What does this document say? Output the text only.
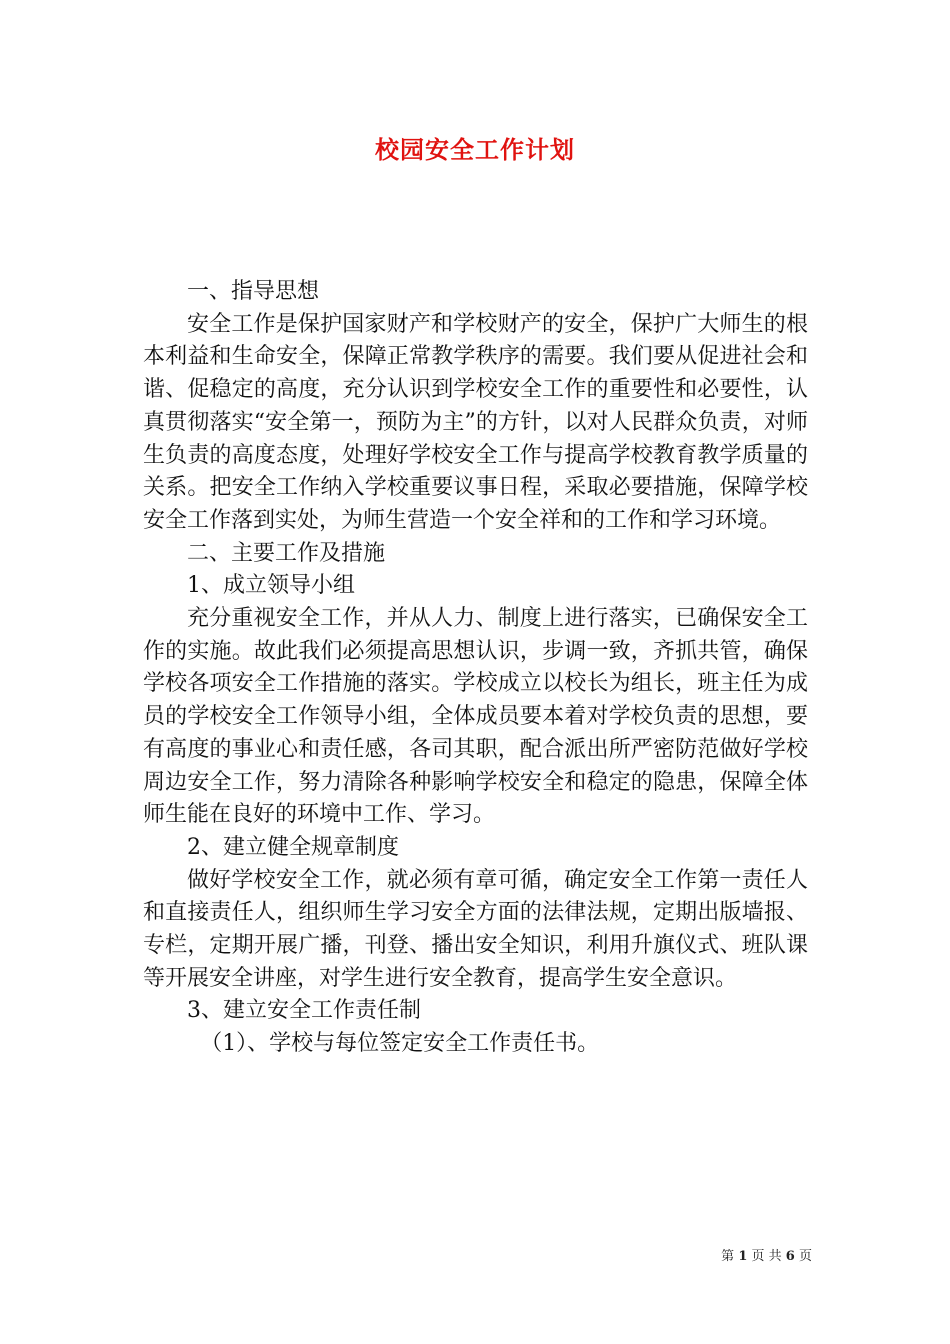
校园安全工作计划

一、指导思想

安全工作是保护国家财产和学校财产的安全，保护广大师生的根本利益和生命安全，保障正常教学秩序的需要。我们要从促进社会和谐、促稳定的高度，充分认识到学校安全工作的重要性和必要性，认真贯彻落实“安全第一，预防为主”的方针，以对人民群众负责，对师生负责的高度态度，处理好学校安全工作与提高学校教育教学质量的关系。把安全工作纳入学校重要议事日程，采取必要措施，保障学校安全工作落到实处，为师生营造一个安全祥和的工作和学习环境。

二、主要工作及措施

1、成立领导小组

充分重视安全工作，并从人力、制度上进行落实，已确保安全工作的实施。故此我们必须提高思想认识，步调一致，齐抓共管，确保学校各项安全工作措施的落实。学校成立以校长为组长，班主任为成员的学校安全工作领导小组，全体成员要本着对学校负责的思想，要有高度的事业心和责任感，各司其职，配合派出所严密防范做好学校周边安全工作，努力清除各种影响学校安全和稳定的隐患，保障全体师生能在良好的环境中工作、学习。

2、建立健全规章制度

做好学校安全工作，就必须有章可循，确定安全工作第一责任人和直接责任人，组织师生学习安全方面的法律法规，定期出版墙报、专栏，定期开展广播，刊登、播出安全知识，利用升旗仪式、班队课等开展安全讲座，对学生进行安全教育，提高学生安全意识。

3、建立安全工作责任制

（1）、学校与每位签定安全工作责任书。

第 1 页 共 6 页
